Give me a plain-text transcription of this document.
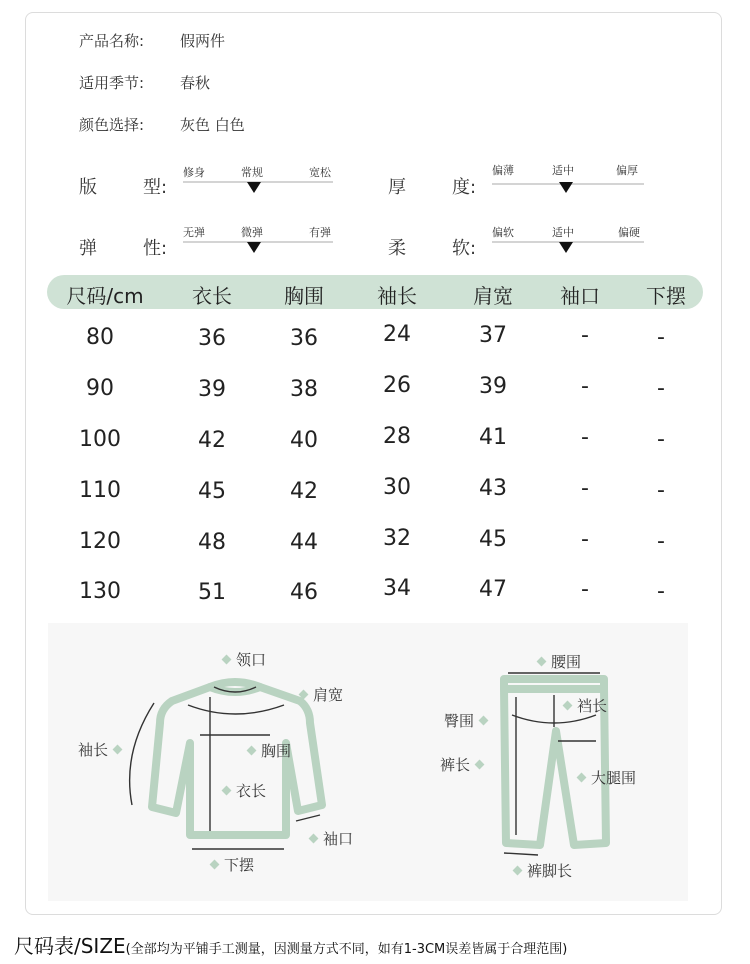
产品名称: 假两件
适用季节: 春秋
颜色选择: 灰色 白色
版	型:
修身	常规	宽松
厚	度:
偏薄	适中	偏厚
弹	性:
无弹	微弹	有弹
柔	软:
偏软	适中	偏硬
尺码/cm 衣长	胸围	袖长	肩宽 袖口 下摆
80	36	36	24	37	-	-
90	39	38	26	39	-	-
100	42	40	28	41	-	-
110	45	42	30	43	-	-
120	48	44	32	45	-	-
130	51	46	34	47	-	-
领口
肩宽
袖长	胸围
衣长
袖口
下摆
腰围
裆长
臀围
裤长
大腿围
裤脚长
尺码表/SIZE(全部均为平铺手工测量，因测量方式不同，如有1-3CM误差皆属于合理范围)
